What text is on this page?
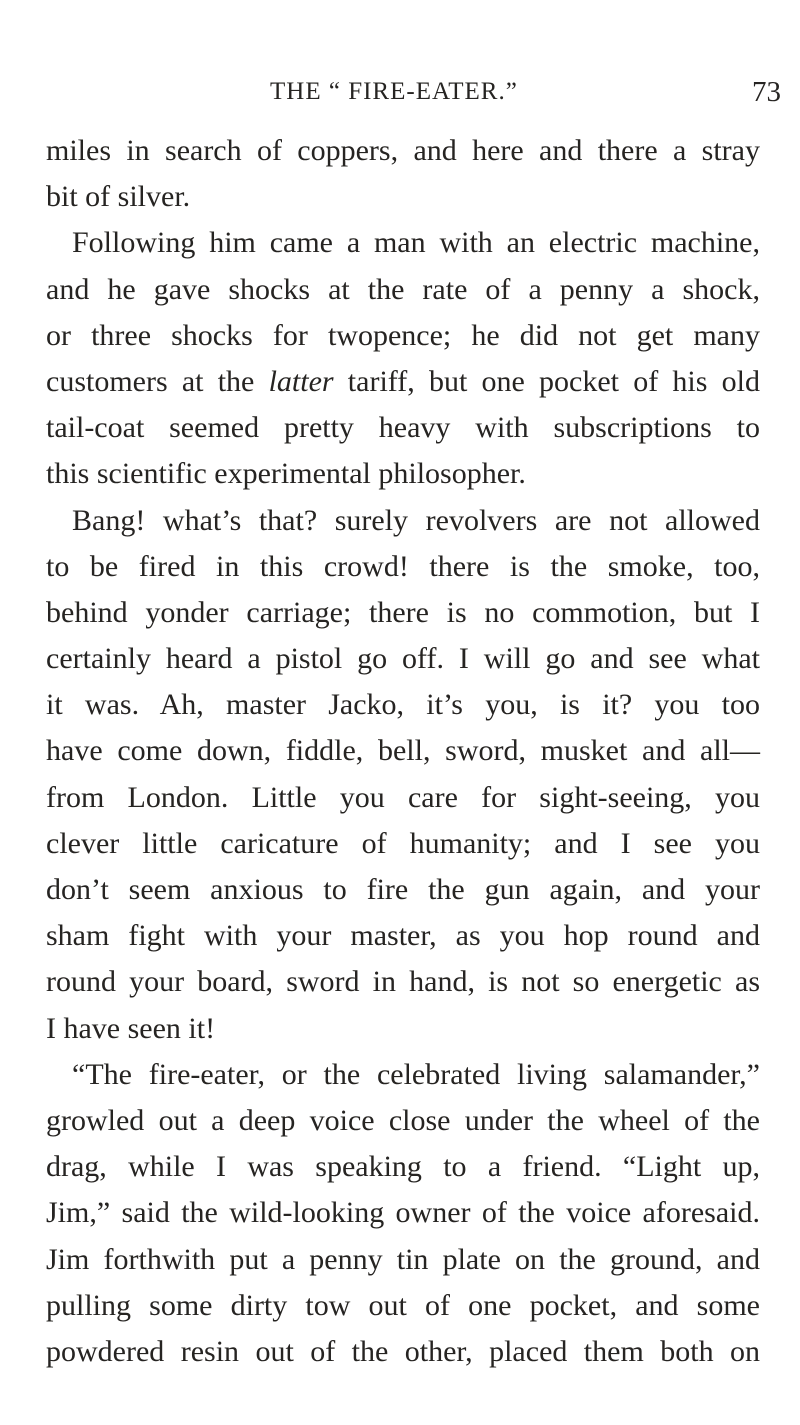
THE “ FIRE-EATER.”	73
miles in search of coppers, and here and there a stray
bit of silver.
Following him came a man with an electric machine,
and he gave shocks at the rate of a penny a shock,
or three shocks for twopence; he did not get many
customers at the latter tariff, but one pocket of his old
tail-coat seemed pretty heavy with subscriptions to
this scientific experimental philosopher.
Bang! what’s that? surely revolvers are not allowed
to be fired in this crowd! there is the smoke, too,
behind yonder carriage; there is no commotion, but I
certainly heard a pistol go off. I will go and see what
it was. Ah, master Jacko, it’s you, is it? you too
have come down, fiddle, bell, sword, musket and all—
from London. Little you care for sight-seeing, you
clever little caricature of humanity; and I see you
don’t seem anxious to fire the gun again, and your
sham fight with your master, as you hop round and
round your board, sword in hand, is not so energetic as
I have seen it!
“The fire-eater, or the celebrated living salamander,”
growled out a deep voice close under the wheel of the
drag, while I was speaking to a friend. “Light up,
Jim,” said the wild-looking owner of the voice aforesaid.
Jim forthwith put a penny tin plate on the ground, and
pulling some dirty tow out of one pocket, and some
powdered resin out of the other, placed them both on
